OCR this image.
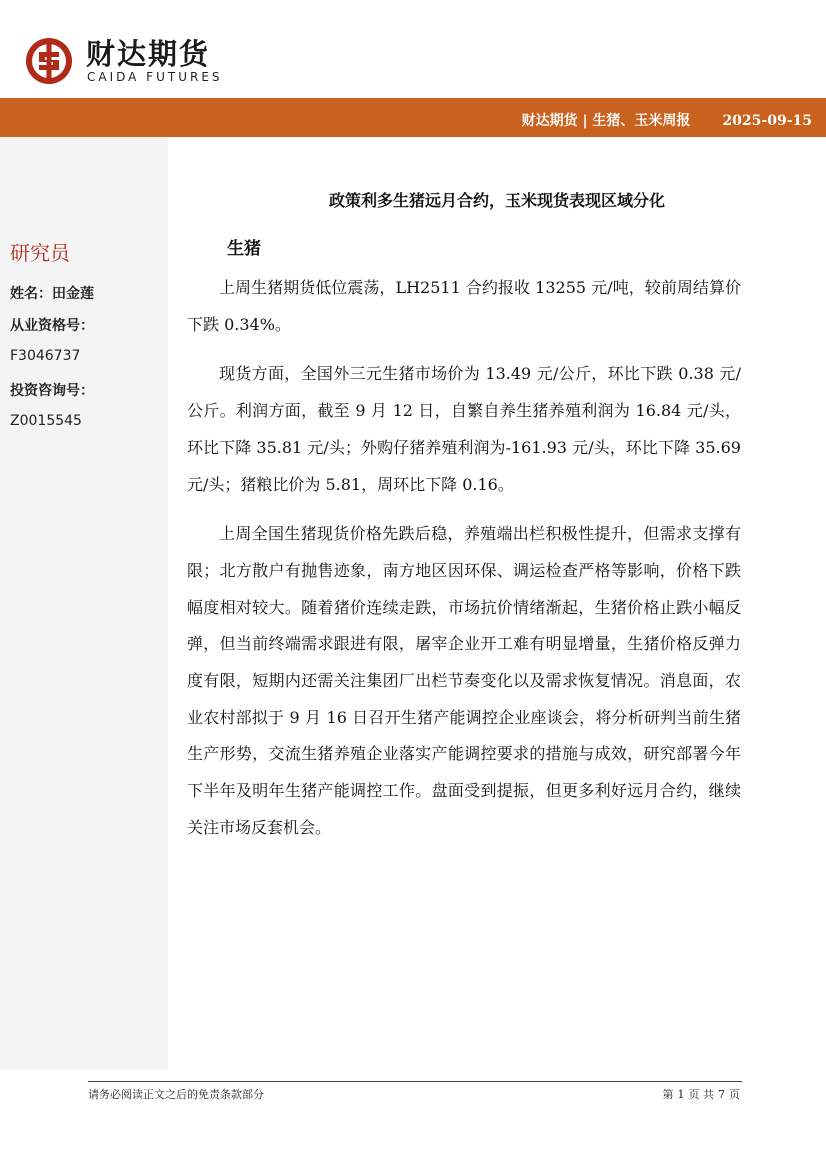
财达期货
CAIDA FUTURES
财达期货 | 生猪、玉米周报 2025-09-15
研究员
姓名：田金莲
从业资格号：
F3046737
投资咨询号：
Z0015545
政策利多生猪远月合约，玉米现货表现区域分化
生猪

上周生猪期货低位震荡，LH2511 合约报收 13255 元/吨，较前周结算价下跌 0.34%。

现货方面，全国外三元生猪市场价为 13.49 元/公斤，环比下跌 0.38 元/公斤。利润方面，截至 9 月 12 日，自繁自养生猪养殖利润为 16.84 元/头，环比下降 35.81 元/头；外购仔猪养殖利润为-161.93 元/头，环比下降 35.69 元/头；猪粮比价为 5.81，周环比下降 0.16。

上周全国生猪现货价格先跌后稳，养殖端出栏积极性提升，但需求支撑有限；北方散户有抛售迹象，南方地区因环保、调运检查严格等影响，价格下跌幅度相对较大。随着猪价连续走跌，市场抗价情绪渐起，生猪价格止跌小幅反弹，但当前终端需求跟进有限，屠宰企业开工难有明显增量，生猪价格反弹力度有限，短期内还需关注集团厂出栏节奏变化以及需求恢复情况。消息面，农业农村部拟于 9 月 16 日召开生猪产能调控企业座谈会，将分析研判当前生猪生产形势，交流生猪养殖企业落实产能调控要求的措施与成效，研究部署今年下半年及明年生猪产能调控工作。盘面受到提振，但更多利好远月合约，继续关注市场反套机会。

请务必阅读正文之后的免责条款部分	第 1 页 共 7 页
